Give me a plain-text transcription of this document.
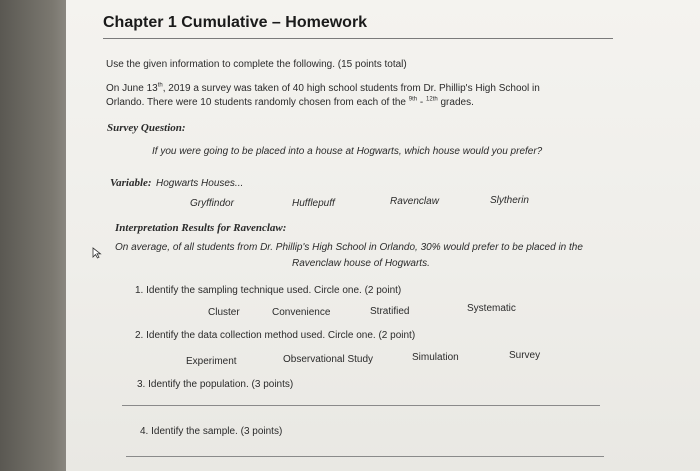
Chapter 1 Cumulative – Homework
Use the given information to complete the following. (15 points total)
On June 13th, 2019 a survey was taken of 40 high school students from Dr. Phillip's High School in
Orlando. There were 10 students randomly chosen from each of the $^{9th}$ - $^{12th}$ grades.
Survey Question:
If you were going to be placed into a house at Hogwarts, which house would you prefer?
Variable: Hogwarts Houses...
Gryffindor	Hufflepuff	Ravenclaw	Slytherin
Interpretation Results for Ravenclaw:
On average, of all students from Dr. Phillip's High School in Orlando, 30% would prefer to be placed in the
Ravenclaw house of Hogwarts.
1. Identify the sampling technique used. Circle one. (2 point)
Cluster	Convenience	Stratified	Systematic
2. Identify the data collection method used. Circle one. (2 point)
Experiment	Observational Study	Simulation	Survey
3. Identify the population. (3 points)
4. Identify the sample. (3 points)
